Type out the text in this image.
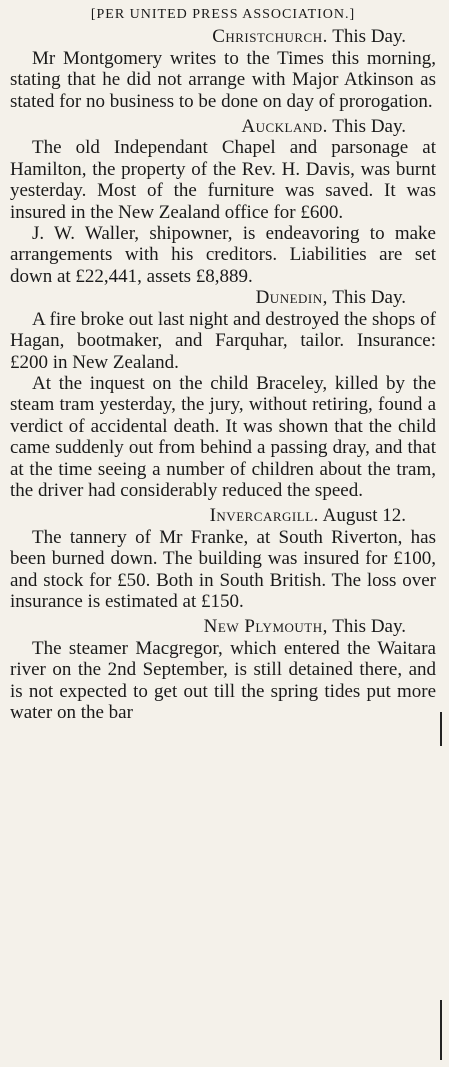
[PER UNITED PRESS ASSOCIATION.]

Christchurch. This Day.

Mr Montgomery writes to the Times this morning, stating that he did not arrange with Major Atkinson as stated for no business to be done on day of prorogation.

Auckland. This Day.

The old Independant Chapel and parsonage at Hamilton, the property of the Rev. H. Davis, was burnt yesterday. Most of the furniture was saved. It was insured in the New Zealand office for £600.

J. W. Waller, shipowner, is endeavoring to make arrangements with his creditors. Liabilities are set down at £22,441, assets £8,889.

Dunedin, This Day.

A fire broke out last night and destroyed the shops of Hagan, bootmaker, and Farquhar, tailor. Insurance: £200 in New Zealand.

At the inquest on the child Braceley, killed by the steam tram yesterday, the jury, without retiring, found a verdict of accidental death. It was shown that the child came suddenly out from behind a passing dray, and that at the time seeing a number of children about the tram, the driver had considerably reduced the speed.

Invercargill. August 12.

The tannery of Mr Franke, at South Riverton, has been burned down. The building was insured for £100, and stock for £50. Both in South British. The loss over insurance is estimated at £150.

New Plymouth, This Day.

The steamer Macgregor, which entered the Waitara river on the 2nd September, is still detained there, and is not expected to get out till the spring tides put more water on the bar
